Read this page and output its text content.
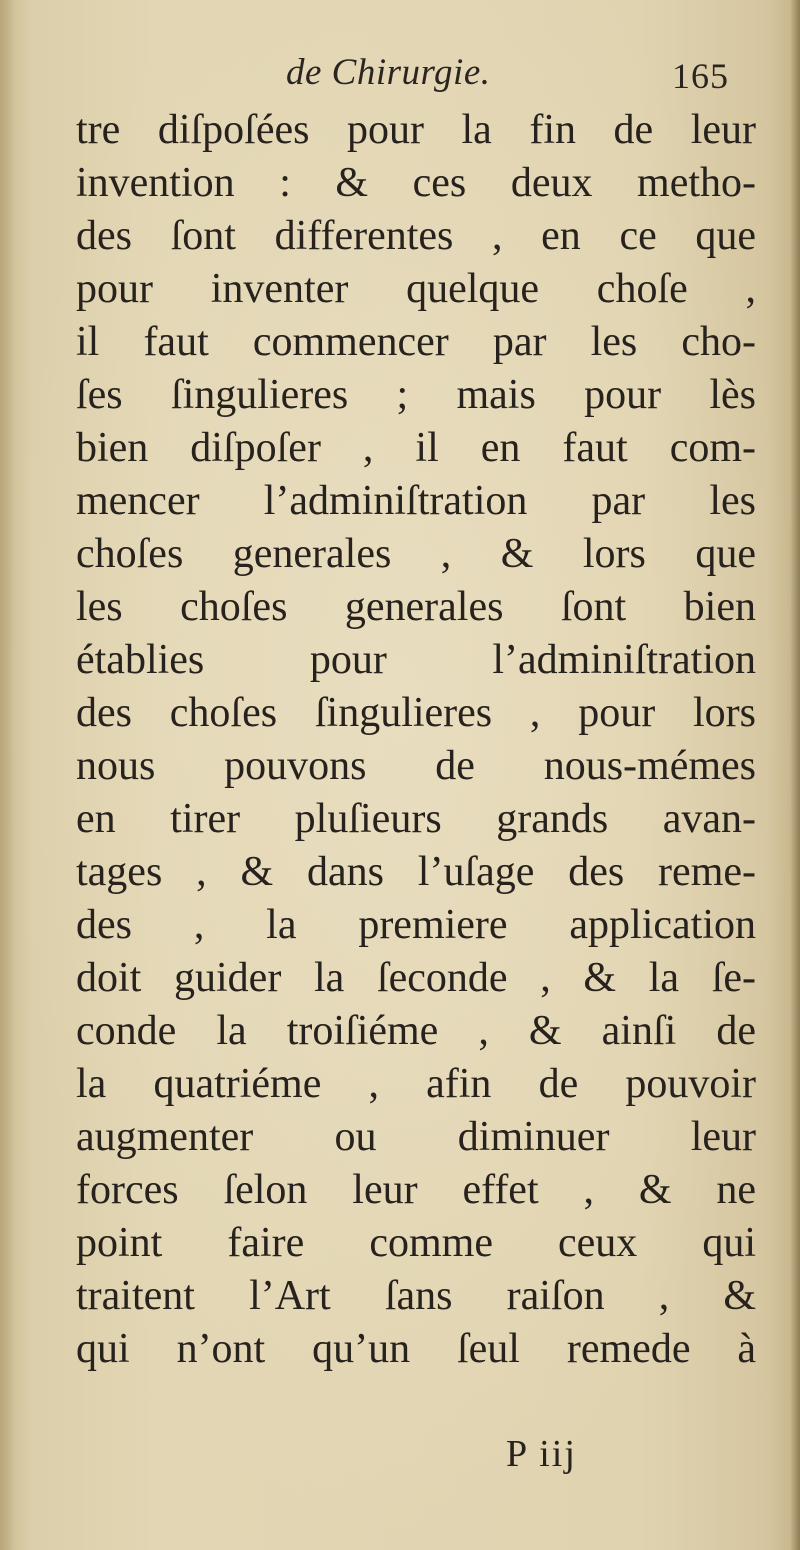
de Chirurgie.	165
tre diſpoſées pour la fin de leur
invention : & ces deux metho-
des ſont differentes , en ce que
pour inventer quelque choſe ,
il faut commencer par les cho-
ſes ſingulieres ; mais pour lès
bien diſpoſer , il en faut com-
mencer l’adminiſtration par les
choſes generales , & lors que
les choſes generales ſont bien
établies pour l’adminiſtration
des choſes ſingulieres , pour lors
nous pouvons de nous-mémes
en tirer pluſieurs grands avan-
tages , & dans l’uſage des reme-
des , la premiere application
doit guider la ſeconde , & la ſe-
conde la troiſiéme , & ainſi de
la quatriéme , afin de pouvoir
augmenter ou diminuer leur
forces ſelon leur effet , & ne
point faire comme ceux qui
traitent l’Art ſans raiſon , &
qui n’ont qu’un ſeul remede à
P iij
